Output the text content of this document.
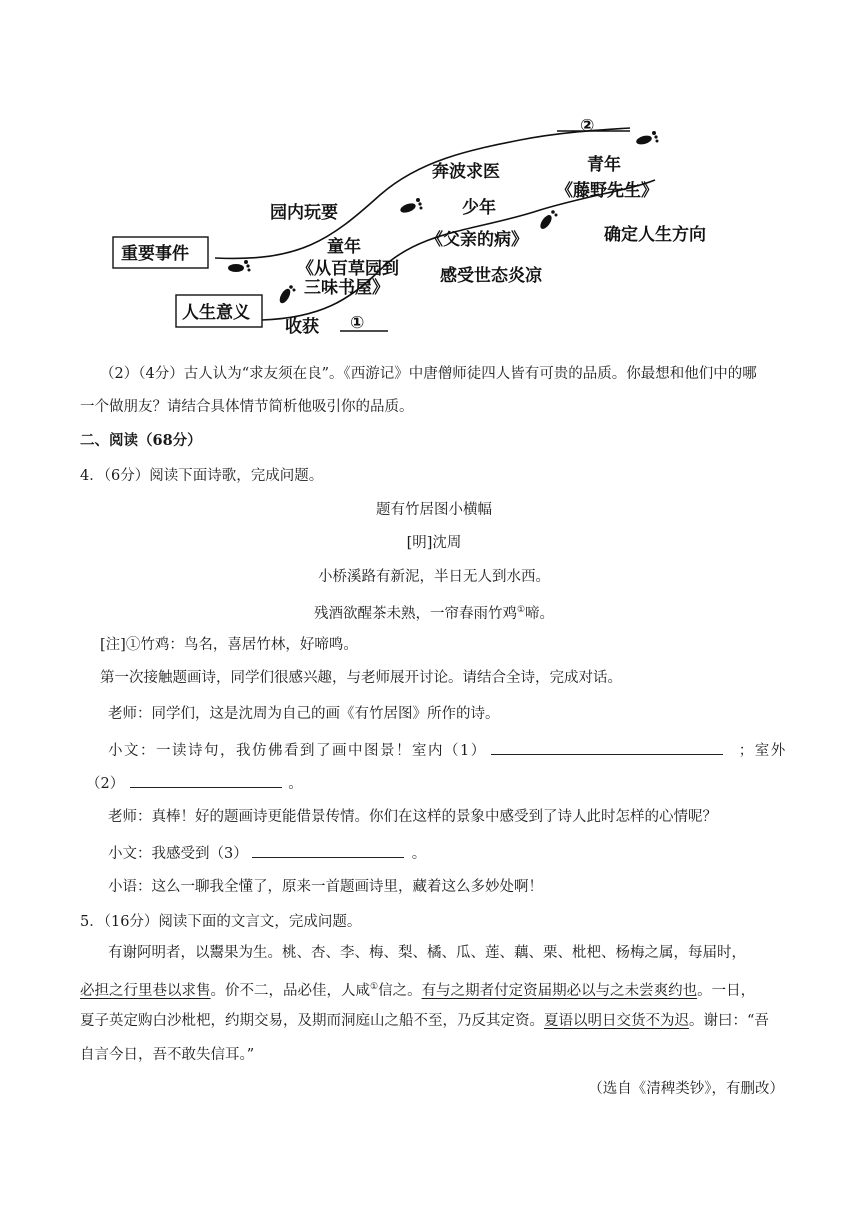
②
青年
《藤野先生》
奔波求医
园内玩要	少年
《父亲的病》	确定人生方向
重要事件	童年
《从百草园到
三味书屋》
感受世态炎凉
人生意义
收获 ①
（2）（4分）古人认为“求友须在良”。《西游记》中唐僧师徒四人皆有可贵的品质。你最想和他们中的哪
一个做朋友？请结合具体情节简析他吸引你的品质。
二、阅读（68分）
4．（6分）阅读下面诗歌，完成问题。
题有竹居图小横幅
[明]沈周
小桥溪路有新泥，半日无人到水西。
残酒欲醒茶未熟，一帘春雨竹鸡①啼。
[注]①竹鸡：鸟名，喜居竹林，好啼鸣。
第一次接触题画诗，同学们很感兴趣，与老师展开讨论。请结合全诗，完成对话。
老师：同学们，这是沈周为自己的画《有竹居图》所作的诗。
小文：一读诗句，我仿佛看到了画中图景！室内（1）	；室外
（2）	。
老师：真棒！好的题画诗更能借景传情。你们在这样的景象中感受到了诗人此时怎样的心情呢？
小文：我感受到（3）	。
小语：这么一聊我全懂了，原来一首题画诗里，藏着这么多妙处啊！
5．（16分）阅读下面的文言文，完成问题。
有谢阿明者，以鬻果为生。桃、杏、李、梅、梨、橘、瓜、莲、藕、栗、枇杷、杨梅之属，每届时，
必担之行里巷以求售。价不二，品必佳，人咸①信之。有与之期者付定资届期必以与之未尝爽约也。一日，
夏子英定购白沙枇杷，约期交易，及期而洞庭山之船不至，乃反其定资。夏语以明日交货不为迟。谢曰：“吾
自言今日，吾不敢失信耳。”
（选自《清稗类钞》，有删改）
